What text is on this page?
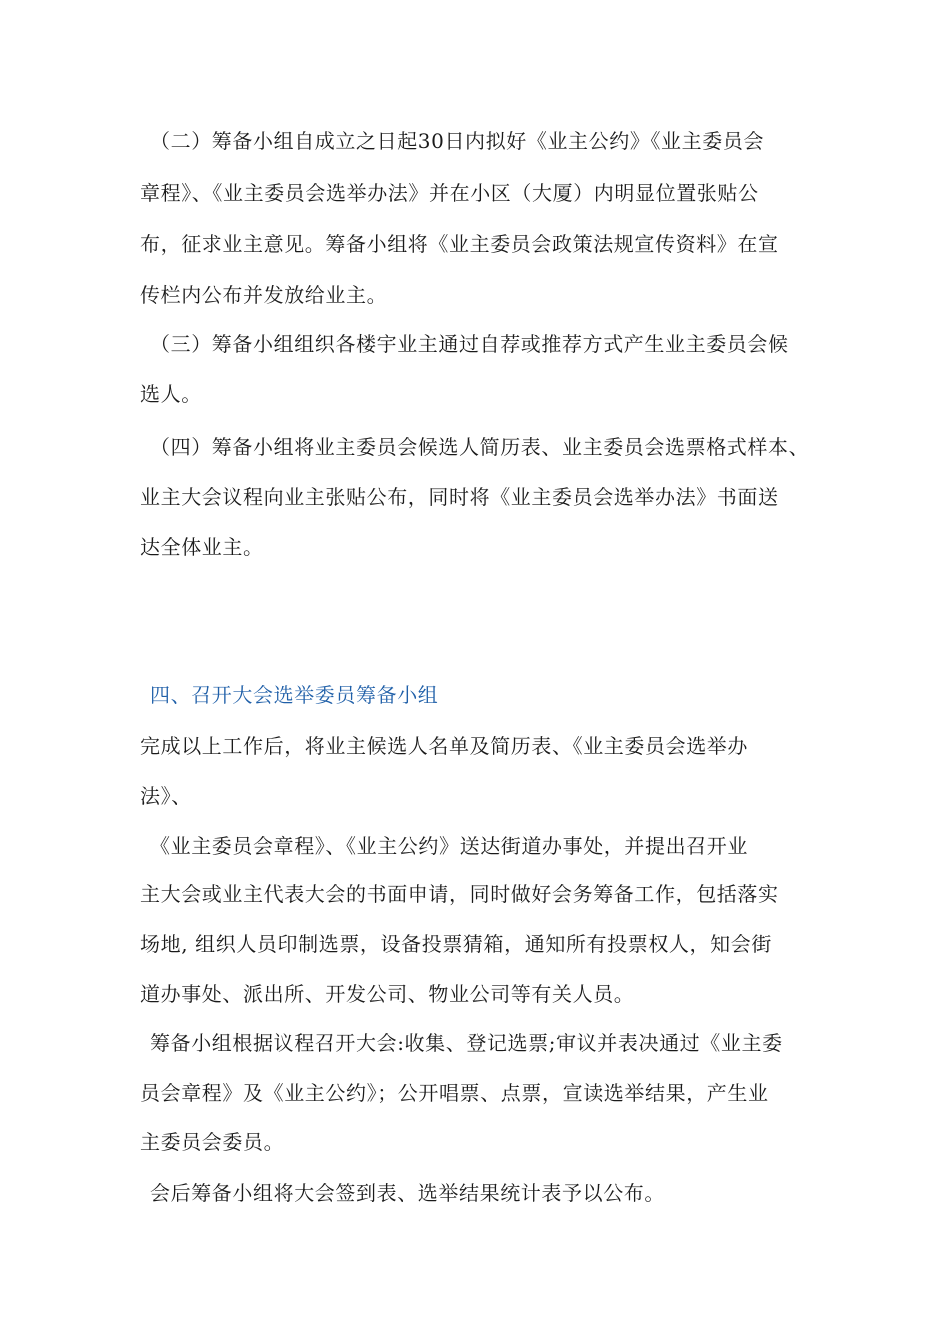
（二）筹备小组自成立之日起30日内拟好《业主公约》《业主委员会
章程》、《业主委员会选举办法》并在小区（大厦）内明显位置张贴公
布，征求业主意见。筹备小组将《业主委员会政策法规宣传资料》在宣
传栏内公布并发放给业主。
（三）筹备小组组织各楼宇业主通过自荐或推荐方式产生业主委员会候
选人。
（四）筹备小组将业主委员会候选人简历表、业主委员会选票格式样本、
业主大会议程向业主张贴公布，同时将《业主委员会选举办法》书面送
达全体业主。
四、召开大会选举委员筹备小组
完成以上工作后，将业主候选人名单及简历表、《业主委员会选举办
法》、
《业主委员会章程》、《业主公约》送达街道办事处，并提出召开业
主大会或业主代表大会的书面申请，同时做好会务筹备工作，包括落实
场地, 组织人员印制选票，设备投票猜箱，通知所有投票权人，知会街
道办事处、派出所、开发公司、物业公司等有关人员。
筹备小组根据议程召开大会:收集、登记选票;审议并表决通过《业主委
员会章程》及《业主公约》；公开唱票、点票，宣读选举结果，产生业
主委员会委员。
会后筹备小组将大会签到表、选举结果统计表予以公布。
